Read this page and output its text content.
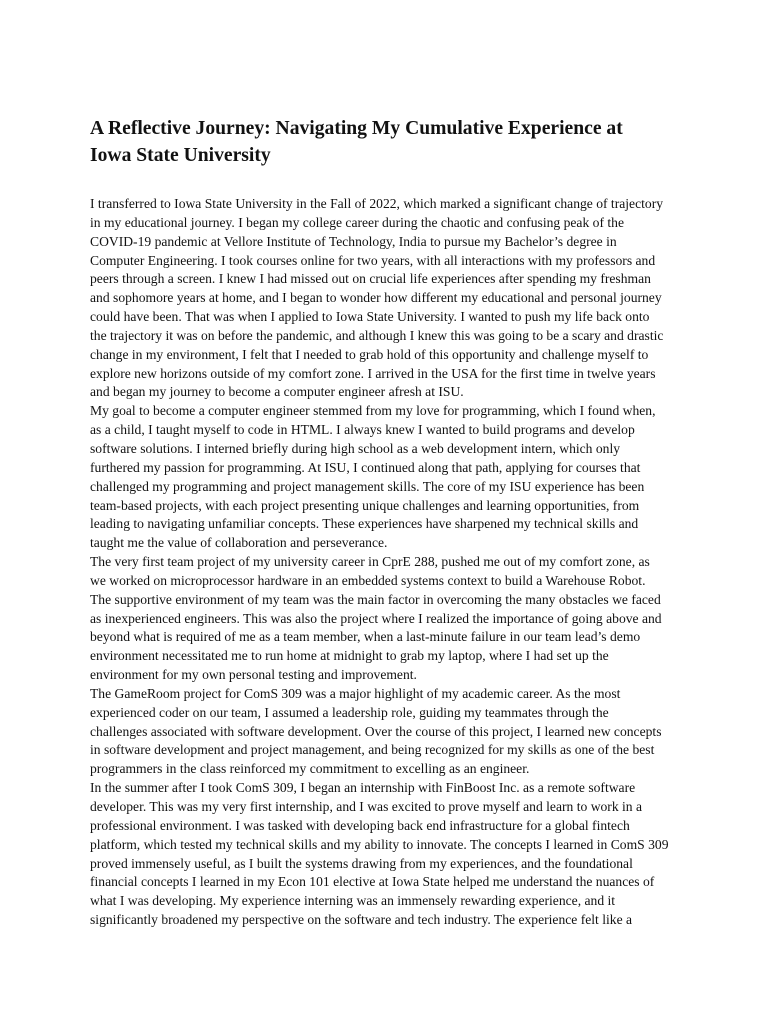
A Reflective Journey: Navigating My Cumulative Experience at
Iowa State University
I transferred to Iowa State University in the Fall of 2022, which marked a significant change of trajectory
in my educational journey. I began my college career during the chaotic and confusing peak of the
COVID-19 pandemic at Vellore Institute of Technology, India to pursue my Bachelor’s degree in
Computer Engineering. I took courses online for two years, with all interactions with my professors and
peers through a screen. I knew I had missed out on crucial life experiences after spending my freshman
and sophomore years at home, and I began to wonder how different my educational and personal journey
could have been. That was when I applied to Iowa State University. I wanted to push my life back onto
the trajectory it was on before the pandemic, and although I knew this was going to be a scary and drastic
change in my environment, I felt that I needed to grab hold of this opportunity and challenge myself to
explore new horizons outside of my comfort zone. I arrived in the USA for the first time in twelve years
and began my journey to become a computer engineer afresh at ISU.
My goal to become a computer engineer stemmed from my love for programming, which I found when,
as a child, I taught myself to code in HTML. I always knew I wanted to build programs and develop
software solutions. I interned briefly during high school as a web development intern, which only
furthered my passion for programming. At ISU, I continued along that path, applying for courses that
challenged my programming and project management skills. The core of my ISU experience has been
team-based projects, with each project presenting unique challenges and learning opportunities, from
leading to navigating unfamiliar concepts. These experiences have sharpened my technical skills and
taught me the value of collaboration and perseverance.
The very first team project of my university career in CprE 288, pushed me out of my comfort zone, as
we worked on microprocessor hardware in an embedded systems context to build a Warehouse Robot.
The supportive environment of my team was the main factor in overcoming the many obstacles we faced
as inexperienced engineers. This was also the project where I realized the importance of going above and
beyond what is required of me as a team member, when a last-minute failure in our team lead’s demo
environment necessitated me to run home at midnight to grab my laptop, where I had set up the
environment for my own personal testing and improvement.
The GameRoom project for ComS 309 was a major highlight of my academic career. As the most
experienced coder on our team, I assumed a leadership role, guiding my teammates through the
challenges associated with software development. Over the course of this project, I learned new concepts
in software development and project management, and being recognized for my skills as one of the best
programmers in the class reinforced my commitment to excelling as an engineer.
In the summer after I took ComS 309, I began an internship with FinBoost Inc. as a remote software
developer. This was my very first internship, and I was excited to prove myself and learn to work in a
professional environment. I was tasked with developing back end infrastructure for a global fintech
platform, which tested my technical skills and my ability to innovate. The concepts I learned in ComS 309
proved immensely useful, as I built the systems drawing from my experiences, and the foundational
financial concepts I learned in my Econ 101 elective at Iowa State helped me understand the nuances of
what I was developing. My experience interning was an immensely rewarding experience, and it
significantly broadened my perspective on the software and tech industry. The experience felt like a
